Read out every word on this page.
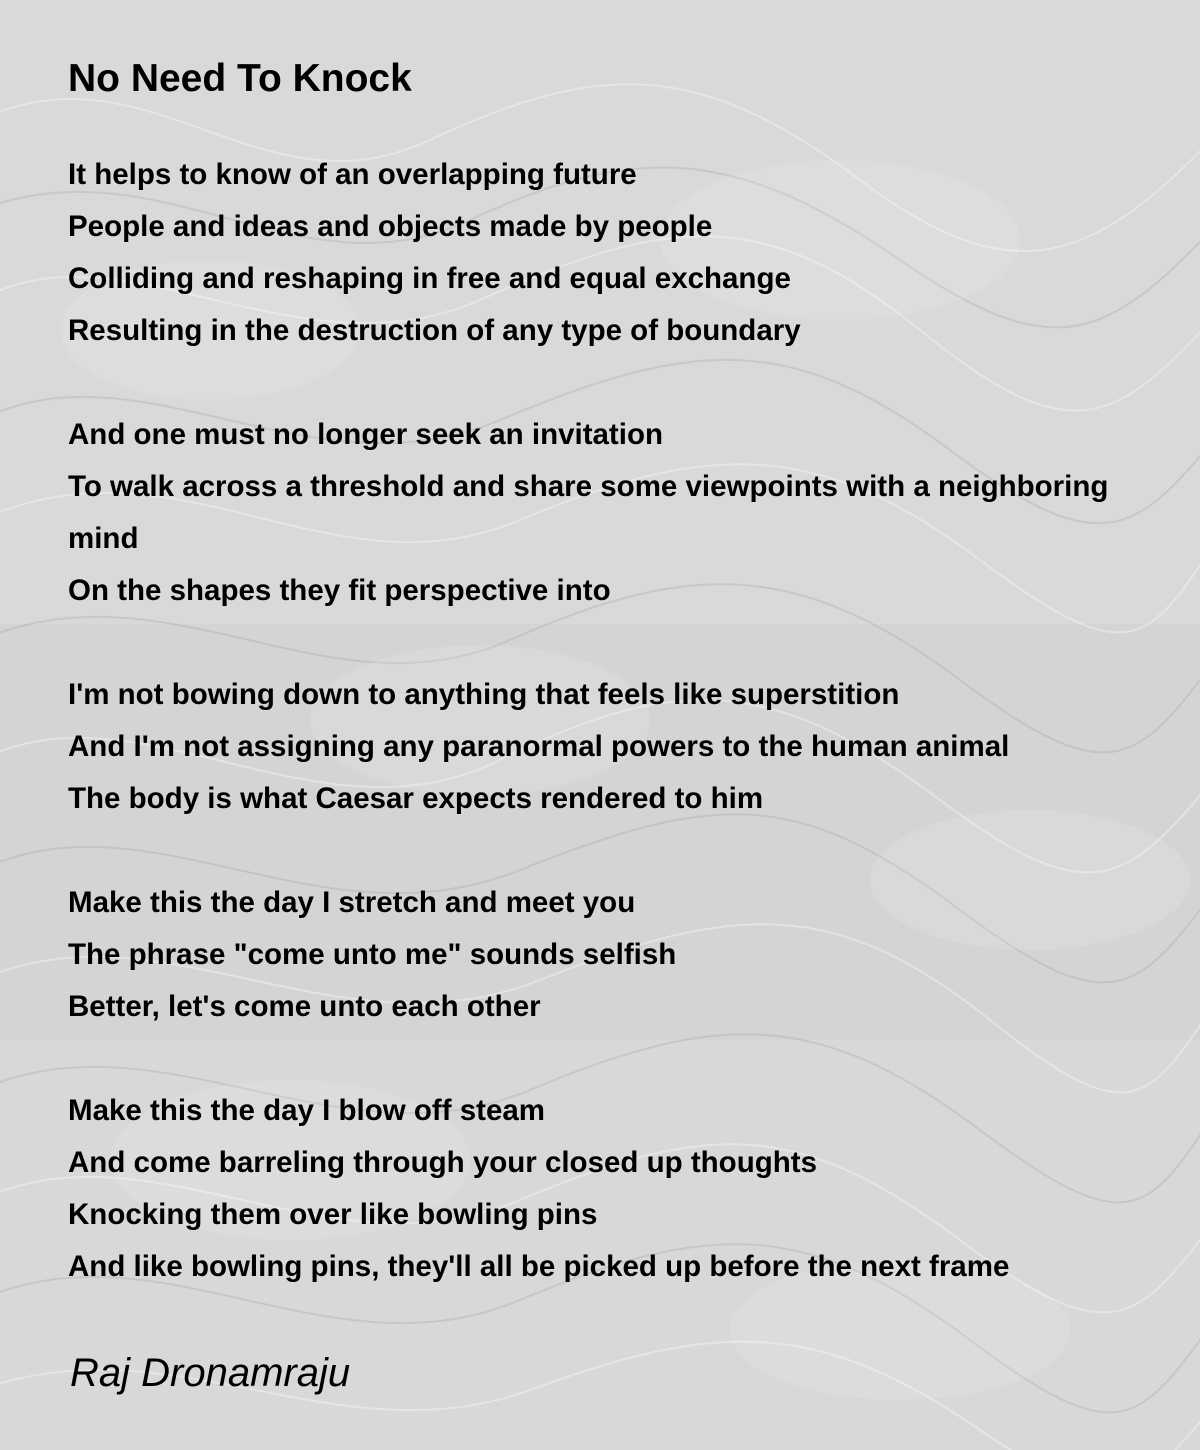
No Need To Knock
It helps to know of an overlapping future
People and ideas and objects made by people
Colliding and reshaping in free and equal exchange
Resulting in the destruction of any type of boundary
And one must no longer seek an invitation
To walk across a threshold and share some viewpoints with a neighboring
mind
On the shapes they fit perspective into
I'm not bowing down to anything that feels like superstition
And I'm not assigning any paranormal powers to the human animal
The body is what Caesar expects rendered to him
Make this the day I stretch and meet you
The phrase "come unto me" sounds selfish
Better, let's come unto each other
Make this the day I blow off steam
And come barreling through your closed up thoughts
Knocking them over like bowling pins
And like bowling pins, they'll all be picked up before the next frame
Raj Dronamraju
